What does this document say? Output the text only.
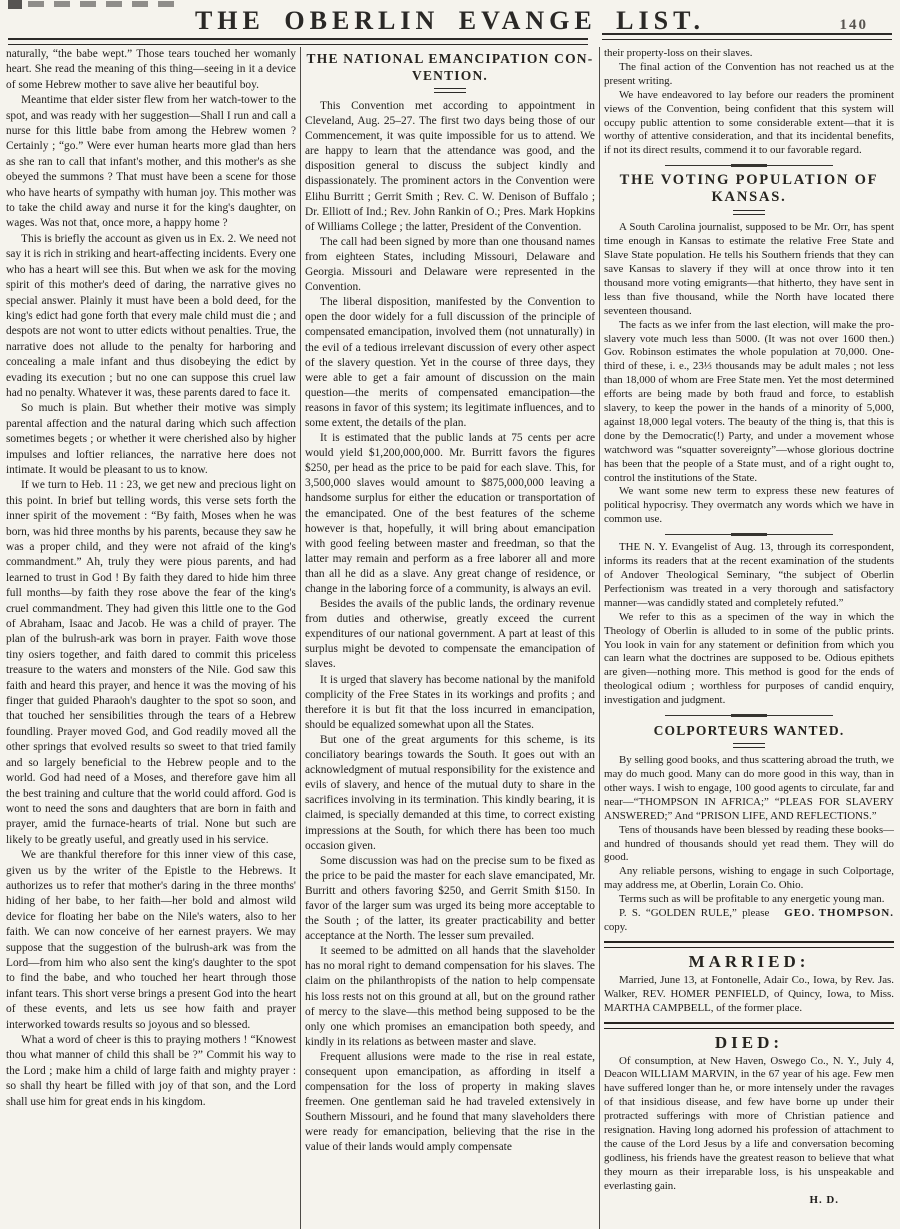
THE OBERLIN EVANGE LIST.	140

naturally, “the babe wept.” Those tears touched her womanly heart. She read the meaning of this thing—seeing in it a device of some Hebrew mother to save alive her beautiful boy.

Meantime that elder sister flew from her watch-tower to the spot, and was ready with her suggestion—Shall I run and call a nurse for this little babe from among the Hebrew women ? Certainly ; “go.” Were ever human hearts more glad than hers as she ran to call that infant's mother, and this mother's as she obeyed the summons ? That must have been a scene for those who have hearts of sympathy with human joy. This mother was to take the child away and nurse it for the king's daughter, on wages. Was not that, once more, a happy home ?

This is briefly the account as given us in Ex. 2. We need not say it is rich in striking and heart-affecting incidents. Every one who has a heart will see this. But when we ask for the moving spirit of this mother's deed of daring, the narrative gives no special answer. Plainly it must have been a bold deed, for the king's edict had gone forth that every male child must die ; and despots are not wont to utter edicts without penalties. True, the narrative does not allude to the penalty for harboring and concealing a male infant and thus disobeying the edict by evading its execution ; but no one can suppose this cruel law had no penalty. Whatever it was, these parents dared to face it.

So much is plain. But whether their motive was simply parental affection and the natural daring which such affection sometimes begets ; or whether it were cherished also by higher impulses and loftier reliances, the narrative here does not intimate. It would be pleasant to us to know.

If we turn to Heb. 11 : 23, we get new and precious light on this point. In brief but telling words, this verse sets forth the inner spirit of the movement : “By faith, Moses when he was born, was hid three months by his parents, because they saw he was a proper child, and they were not afraid of the king's commandment.” Ah, truly they were pious parents, and had learned to trust in God ! By faith they dared to hide him three full months—by faith they rose above the fear of the king's cruel commandment. They had given this little one to the God of Abraham, Isaac and Jacob. He was a child of prayer. The plan of the bulrush-ark was born in prayer. Faith wove those tiny osiers together, and faith dared to commit this priceless treasure to the waters and monsters of the Nile. God saw this faith and heard this prayer, and hence it was the moving of his finger that guided Pharaoh's daughter to the spot so soon, and that touched her sensibilities through the tears of a Hebrew foundling. Prayer moved God, and God readily moved all the other springs that evolved results so sweet to that tried family and so largely beneficial to the Hebrew people and to the world. God had need of a Moses, and therefore gave him all the best training and culture that the world could afford. God is wont to need the sons and daughters that are born in faith and prayer, amid the furnace-hearts of trial. None but such are likely to be greatly useful, and greatly used in his service.

We are thankful therefore for this inner view of this case, given us by the writer of the Epistle to the Hebrews. It authorizes us to refer that mother's daring in the three months' hiding of her babe, to her faith—her bold and almost wild device for floating her babe on the Nile's waters, also to her faith. We can now conceive of her earnest prayers. We may suppose that the suggestion of the bulrush-ark was from the Lord—from him who also sent the king's daughter to the spot to find the babe, and who touched her heart through those infant tears. This short verse brings a present God into the heart of these events, and lets us see how faith and prayer interworked towards results so joyous and so blessed.

What a word of cheer is this to praying mothers ! “Knowest thou what manner of child this shall be ?” Commit his way to the Lord ; make him a child of large faith and mighty prayer : so shall thy heart be filled with joy of that son, and the Lord shall use him for great ends in his kingdom.

THE NATIONAL EMANCIPATION CON-
VENTION.

This Convention met according to appointment in Cleveland, Aug. 25–27. The first two days being those of our Commencement, it was quite impossible for us to attend. We are happy to learn that the attendance was good, and the disposition general to discuss the subject kindly and dispassionately. The prominent actors in the Convention were Elihu Burritt ; Gerrit Smith ; Rev. C. W. Denison of Buffalo ; Dr. Elliott of Ind.; Rev. John Rankin of O.; Pres. Mark Hopkins of Williams College ; the latter, President of the Convention.

The call had been signed by more than one thousand names from eighteen States, including Missouri, Delaware and Georgia. Missouri and Delaware were represented in the Convention.

The liberal disposition, manifested by the Convention to open the door widely for a full discussion of the principle of compensated emancipation, involved them (not unnaturally) in the evil of a tedious irrelevant discussion of every other aspect of the slavery question. Yet in the course of three days, they were able to get a fair amount of discussion on the main question—the merits of compensated emancipation—the reasons in favor of this system; its legitimate influences, and to some extent, the details of the plan.

It is estimated that the public lands at 75 cents per acre would yield $1,200,000,000. Mr. Burritt favors the figures $250, per head as the price to be paid for each slave. This, for 3,500,000 slaves would amount to $875,000,000 leaving a handsome surplus for either the education or transportation of the emancipated. One of the best features of the scheme however is that, hopefully, it will bring about emancipation with good feeling between master and freedman, so that the latter may remain and perform as a free laborer all and more than all he did as a slave. Any great change of residence, or change in the laboring force of a community, is always an evil.

Besides the avails of the public lands, the ordinary revenue from duties and otherwise, greatly exceed the current expenditures of our national government. A part at least of this surplus might be devoted to compensate the emancipation of slaves.

It is urged that slavery has become national by the manifold complicity of the Free States in its workings and profits ; and therefore it is but fit that the loss incurred in emancipation, should be equalized somewhat upon all the States.

But one of the great arguments for this scheme, is its conciliatory bearings towards the South. It goes out with an acknowledgment of mutual responsibility for the existence and evils of slavery, and hence of the mutual duty to share in the sacrifices involving in its termination. This kindly bearing, it is claimed, is specially demanded at this time, to correct existing impressions at the South, for which there has been too much occasion given.

Some discussion was had on the precise sum to be fixed as the price to be paid the master for each slave emancipated, Mr. Burritt and others favoring $250, and Gerrit Smith $150. In favor of the larger sum was urged its being more acceptable to the South ; of the latter, its greater practicability and better acceptance at the North. The lesser sum prevailed.

It seemed to be admitted on all hands that the slaveholder has no moral right to demand compensation for his slaves. The claim on the philanthropists of the nation to help compensate his loss rests not on this ground at all, but on the ground rather of mercy to the slave—this method being supposed to be the only one which promises an emancipation both speedy, and kindly in its relations as between master and slave.

Frequent allusions were made to the rise in real estate, consequent upon emancipation, as affording in itself a compensation for the loss of property in making slaves freemen. One gentleman said he had traveled extensively in Southern Missouri, and he found that many slaveholders there were ready for emancipation, believing that the rise in the value of their lands would amply compensate

their property-loss on their slaves.

The final action of the Convention has not reached us at the present writing.

We have endeavored to lay before our readers the prominent views of the Convention, being confident that this system will occupy public attention to some considerable extent—that it is worthy of attentive consideration, and that its incidental benefits, if not its direct results, commend it to our favorable regard.

THE VOTING POPULATION OF KANSAS.

A South Carolina journalist, supposed to be Mr. Orr, has spent time enough in Kansas to estimate the relative Free State and Slave State population. He tells his Southern friends that they can save Kansas to slavery if they will at once throw into it ten thousand more voting emigrants—that hitherto, they have sent in less than five thousand, while the North have located there seventeen thousand.

The facts as we infer from the last election, will make the pro-slavery vote much less than 5000. (It was not over 1600 then.) Gov. Robinson estimates the whole population at 70,000. One-third of these, i. e., 23⅓ thousands may be adult males ; not less than 18,000 of whom are Free State men. Yet the most determined efforts are being made by both fraud and force, to establish slavery, to keep the power in the hands of a minority of 5,000, against 18,000 legal voters. The beauty of the thing is, that this is done by the Democratic(!) Party, and under a movement whose watchword was “squatter sovereignty”—whose glorious doctrine has been that the people of a State must, and of a right ought to, control the institutions of the State.

We want some new term to express these new features of political hypocrisy. They overmatch any words which we have in common use.

THE N. Y. Evangelist of Aug. 13, through its correspondent, informs its readers that at the recent examination of the students of Andover Theological Seminary, “the subject of Oberlin Perfectionism was treated in a very thorough and satisfactory manner—was candidly stated and completely refuted.”

We refer to this as a specimen of the way in which the Theology of Oberlin is alluded to in some of the public prints. You look in vain for any statement or definition from which you can learn what the doctrines are supposed to be. Odious epithets are given—nothing more. This method is good for the ends of theological odium ; worthless for purposes of candid enquiry, investigation and judgment.

COLPORTEURS WANTED.

By selling good books, and thus scattering abroad the truth, we may do much good. Many can do more good in this way, than in other ways. I wish to engage, 100 good agents to circulate, far and near—“THOMPSON IN AFRICA;” “PLEAS FOR SLAVERY ANSWERED;” And “PRISON LIFE, AND REFLECTIONS.”

Tens of thousands have been blessed by reading these books—and hundred of thousands should yet read them. They will do good.

Any reliable persons, wishing to engage in such Colportage, may address me, at Oberlin, Lorain Co. Ohio.

Terms such as will be profitable to any energetic young man.
GEO. THOMPSON.

P. S. “GOLDEN RULE,” please copy.

MARRIED:

Married, June 13, at Fontonelle, Adair Co., Iowa, by Rev. Jas. Walker, REV. HOMER PENFIELD, of Quincy, Iowa, to Miss. MARTHA CAMPBELL, of the former place.

DIED:

Of consumption, at New Haven, Oswego Co., N. Y., July 4, Deacon WILLIAM MARVIN, in the 67 year of his age. Few men have suffered longer than he, or more intensely under the ravages of that insidious disease, and few have borne up under their protracted sufferings with more of Christian patience and resignation. Having long adorned his profession of attachment to the cause of the Lord Jesus by a life and conversation becoming godliness, his friends have the greatest reason to believe that what they mourn as their irreparable loss, is his unspeakable and everlasting gain.

H. D.
